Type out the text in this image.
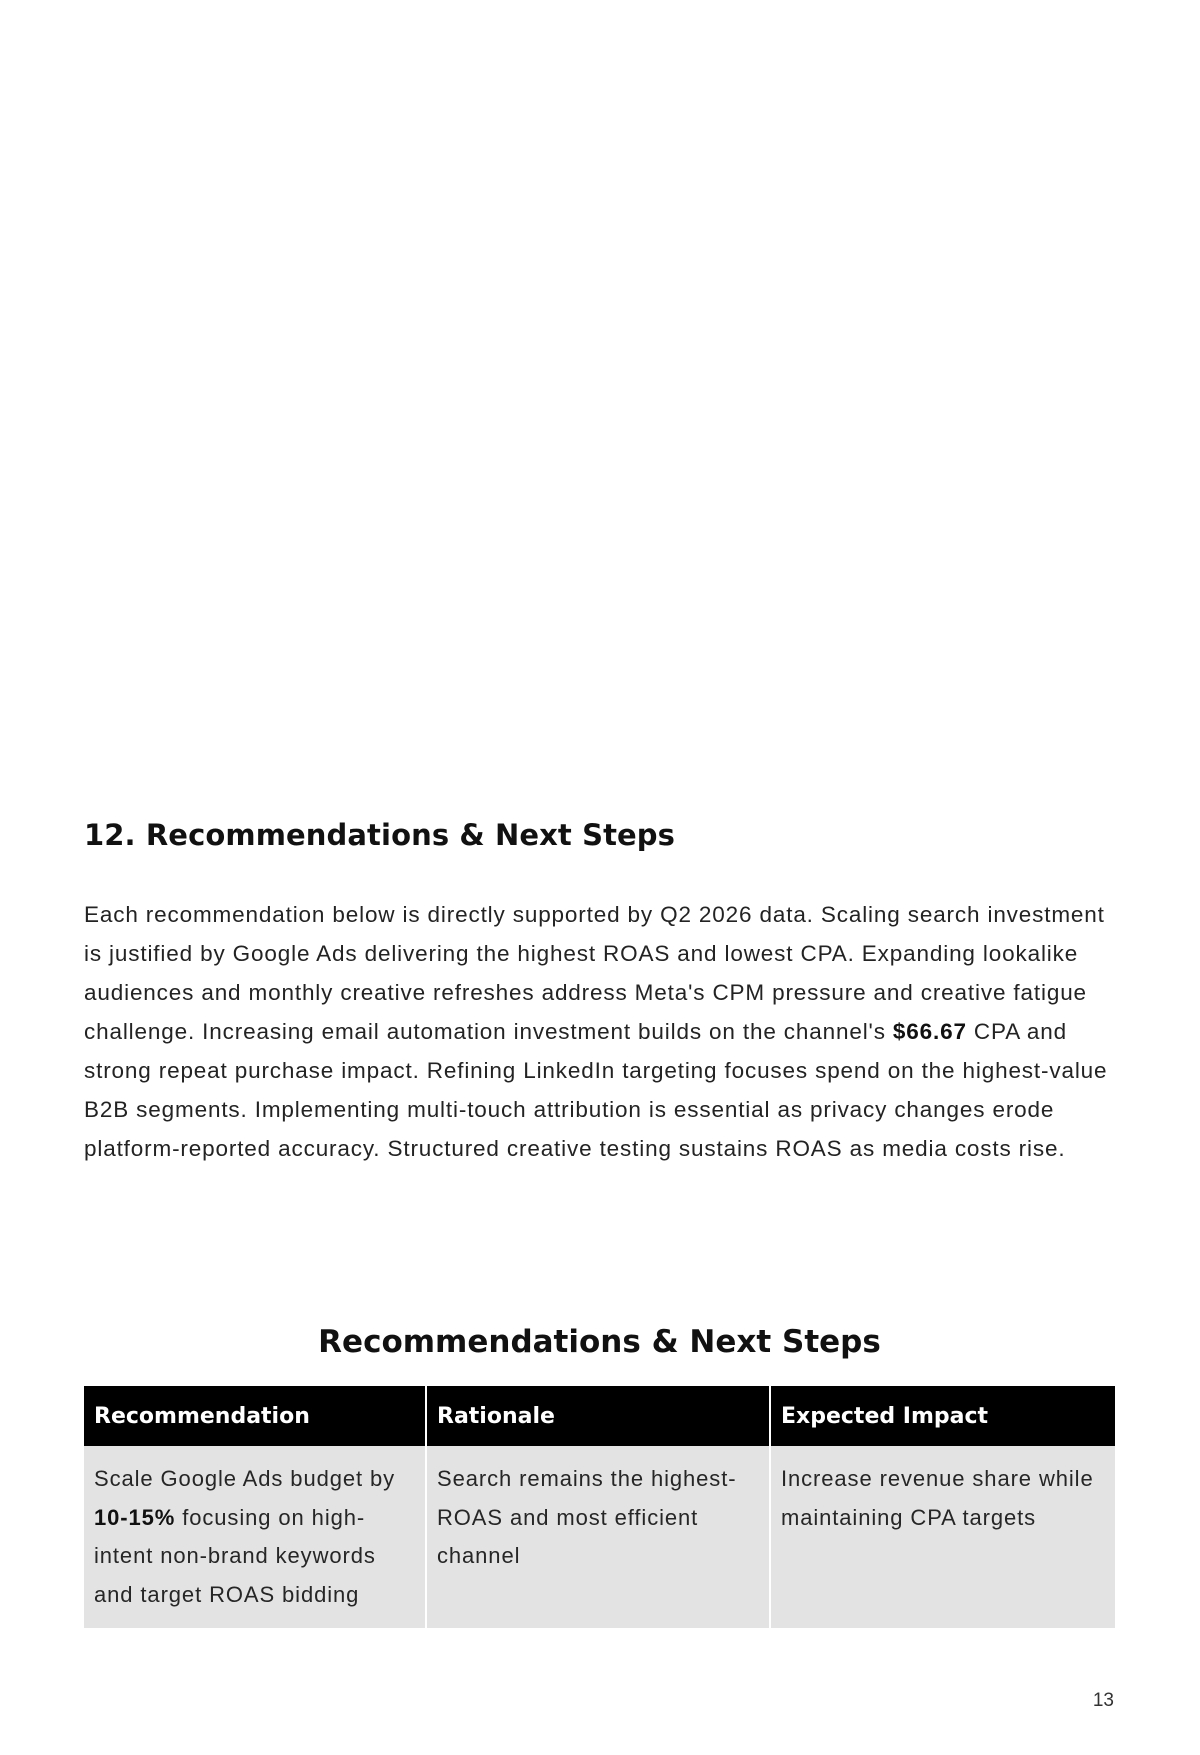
12. Recommendations & Next Steps

Each recommendation below is directly supported by Q2 2026 data. Scaling search investment is justified by Google Ads delivering the highest ROAS and lowest CPA. Expanding lookalike audiences and monthly creative refreshes address Meta's CPM pressure and creative fatigue challenge. Increasing email automation investment builds on the channel's $66.67 CPA and strong repeat purchase impact. Refining LinkedIn targeting focuses spend on the highest-value B2B segments. Implementing multi-touch attribution is essential as privacy changes erode platform-reported accuracy. Structured creative testing sustains ROAS as media costs rise.

Recommendations & Next Steps
Recommendation	Rationale	Expected Impact
Scale Google Ads budget by 10-15% focusing on high-intent non-brand keywords and target ROAS bidding	Search remains the highest-ROAS and most efficient channel	Increase revenue share while maintaining CPA targets
13
